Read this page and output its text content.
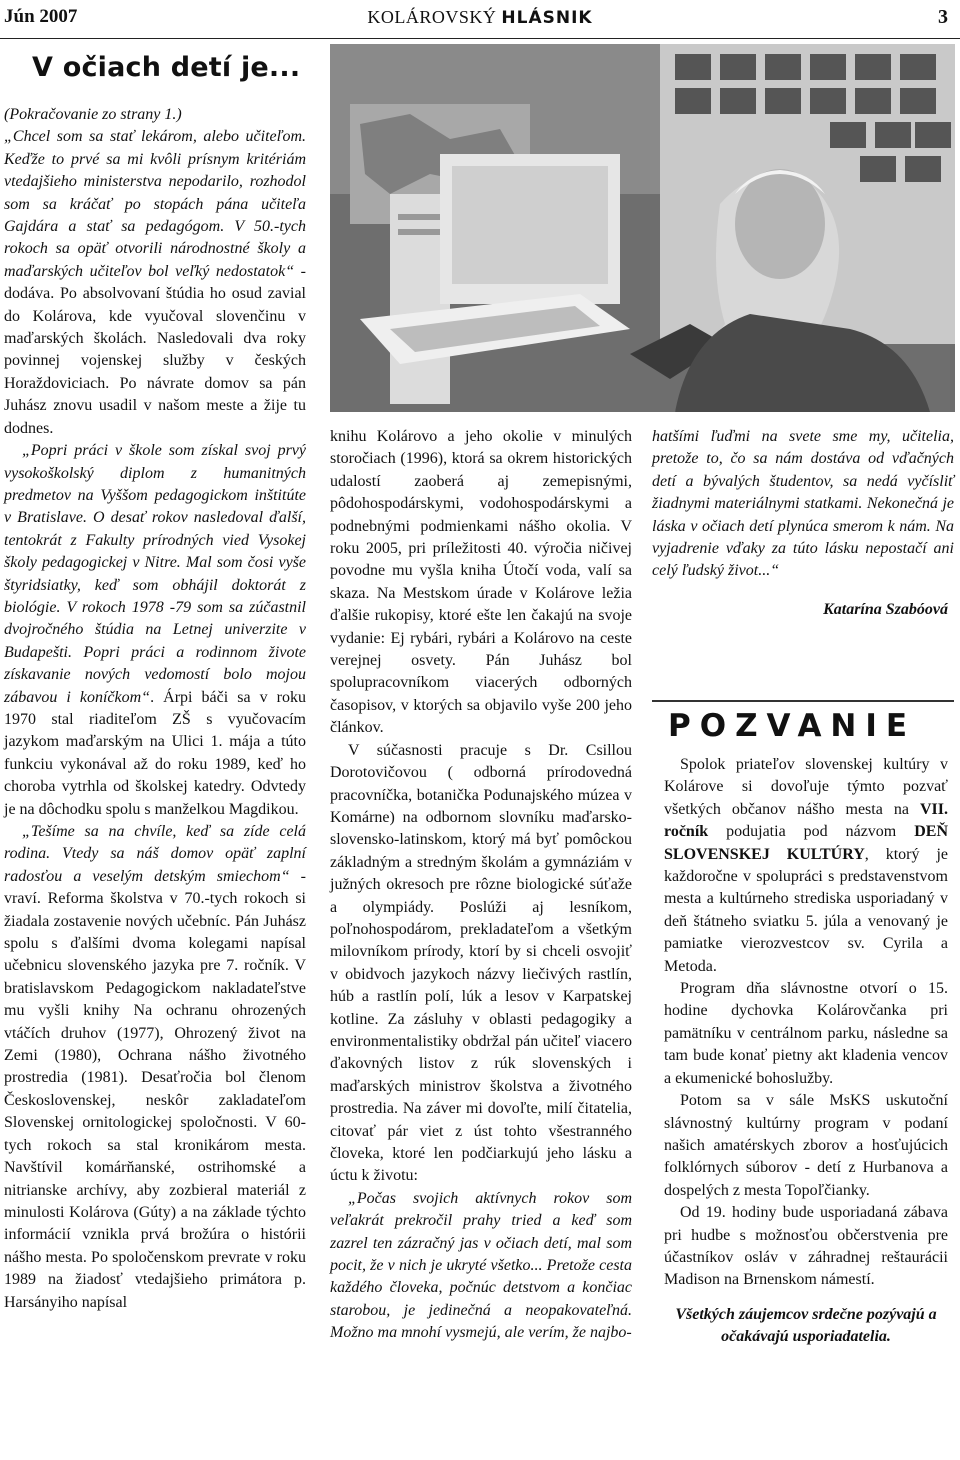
Jún 2007	KOLÁROVSKÝ HLÁSNIK	3
V očiach detí je...

(Pokračovanie zo strany 1.)

„Chcel som sa stať lekárom, alebo učiteľom. Keďže to prvé sa mi kvôli prísnym kritériám vtedajšieho ministerstva nepodarilo, rozhodol som sa kráčať po stopách pána učiteľa Gajdára a stať sa pedagógom. V 50.-tych rokoch sa opäť otvorili národnostné školy a maďarských učiteľov bol veľký nedostatok“ - dodáva. Po absolvovaní štúdia ho osud zavial do Kolárova, kde vyučoval slovenčinu v maďarských školách. Nasledovali dva roky povinnej vojenskej služby v českých Horaždoviciach. Po návrate domov sa pán Juhász znovu usadil v našom meste a žije tu dodnes.

„Popri práci v škole som získal svoj prvý vysokoškolský diplom z humanitných predmetov na Vyššom pedagogickom inštitúte v Bratislave. O desať rokov nasledoval ďalší, tentokrát z Fakulty prírodných vied Vysokej školy pedagogickej v Nitre. Mal som čosi vyše štyridsiatky, keď som obhájil doktorát z biológie. V rokoch 1978 -79 som sa zúčastnil dvojročného štúdia na Letnej univerzite v Budapešti. Popri práci a rodinnom živote získavanie nových vedomostí bolo mojou zábavou i koníčkom“. Árpi báči sa v roku 1970 stal riaditeľom ZŠ s vyučovacím jazykom maďarským na Ulici 1. mája a túto funkciu vykonával až do roku 1989, keď ho choroba vytrhla od školskej katedry. Odvtedy je na dôchodku spolu s manželkou Magdikou.

„Tešíme sa na chvíle, keď sa zíde celá rodina. Vtedy sa náš domov opäť zaplní radosťou a veselým detským smiechom“ -vraví. Reforma školstva v 70.-tych rokoch si žiadala zostavenie nových učebníc. Pán Juhász spolu s ďalšími dvoma kolegami napísal učebnicu slovenského jazyka pre 7. ročník. V bratislavskom Pedagogickom nakladateľstve mu vyšli knihy Na ochranu ohrozených vtáčích druhov (1977), Ohrozený život na Zemi (1980), Ochrana nášho životného prostredia (1981). Desaťročia bol členom Československej, neskôr zakladateľom Slovenskej ornitologickej spoločnosti. V 60-tych rokoch sa stal kronikárom mesta. Navštívil komárňanské, ostrihomské a nitrianske archívy, aby zozbieral materiál z minulosti Kolárova (Gúty) a na základe týchto informácií vznikla prvá brožúra o histórii nášho mesta. Po spoločenskom prevrate v roku 1989 na žiadosť vtedajšieho primátora p. Harsányiho napísal

knihu Kolárovo a jeho okolie v minulých storočiach (1996), ktorá sa okrem historických udalostí zaoberá aj zemepisnými, pôdohospodárskymi, vodohospodárskymi a podnebnými podmienkami nášho okolia. V roku 2005, pri príležitosti 40. výročia ničivej povodne mu vyšla kniha Útočí voda, valí sa skaza. Na Mestskom úrade v Kolárove ležia ďalšie rukopisy, ktoré ešte len čakajú na svoje vydanie: Ej rybári, rybári a Kolárovo na ceste verejnej osvety. Pán Juhász bol spolupracovníkom viacerých odborných časopisov, v ktorých sa objavilo vyše 200 jeho článkov.

V súčasnosti pracuje s Dr. Csillou Dorotovičovou ( odborná prírodovedná pracovníčka, botanička Podunajského múzea v Komárne) na odbornom slovníku maďarsko-slovensko-latinskom, ktorý má byť pomôckou základným a stredným školám a gymnáziám v južných okresoch pre rôzne biologické súťaže a olympiády. Poslúži aj lesníkom, poľnohospodárom, prekladateľom a všetkým milovníkom prírody, ktorí by si chceli osvojiť v obidvoch jazykoch názvy liečivých rastlín, húb a rastlín polí, lúk a lesov v Karpatskej kotline. Za zásluhy v oblasti pedagogiky a environmentalistiky obdržal pán učiteľ viacero ďakovných listov z rúk slovenských i maďarských ministrov školstva a životného prostredia. Na záver mi dovoľte, milí čitatelia, citovať pár viet z úst tohto všestranného človeka, ktoré len podčiarkujú jeho lásku a úctu k životu:

„Počas svojich aktívnych rokov som veľakrát prekročil prahy tried a keď som zazrel ten zázračný jas v očiach detí, mal som pocit, že v nich je ukryté všetko... Pretože cesta každého človeka, počnúc detstvom a končiac starobou, je jedinečná a neopakovateľná. Možno ma mnohí vysmejú, ale verím, že najbo-

hatšími ľuďmi na svete sme my, učitelia, pretože to, čo sa nám dostáva od vďačných detí a bývalých študentov, sa nedá vyčísliť žiadnymi materiálnymi statkami. Nekonečná je láska v očiach detí plynúca smerom k nám. Na vyjadrenie vďaky za túto lásku nepostačí ani celý ľudský život...“

Katarína Szabóová

POZVANIE

Spolok priateľov slovenskej kultúry v Kolárove si dovoľuje týmto pozvať všetkých občanov nášho mesta na VII. ročník podujatia pod názvom DEŇ SLOVENSKEJ KULTÚRY, ktorý je každoročne v spolupráci s predstavenstvom mesta a kultúrneho strediska usporiadaný v deň štátneho sviatku 5. júla a venovaný je pamiatke vierozvestcov sv. Cyrila a Metoda.

Program dňa slávnostne otvorí o 15. hodine dychovka Kolárovčanka pri pamätníku v centrálnom parku, následne sa tam bude konať pietny akt kladenia vencov a ekumenické bohoslužby.

Potom sa v sále MsKS uskutoční slávnostný kultúrny program v podaní našich amatérskych zborov a hosťujúcich folklórnych súborov - detí z Hurbanova a dospelých z mesta Topoľčianky.

Od 19. hodiny bude usporiadaná zábava pri hudbe s možnosťou občerstvenia pre účastníkov osláv v záhradnej reštaurácii Madison na Brnenskom námestí.

Všetkých záujemcov srdečne pozývajú a očakávajú usporiadatelia.
